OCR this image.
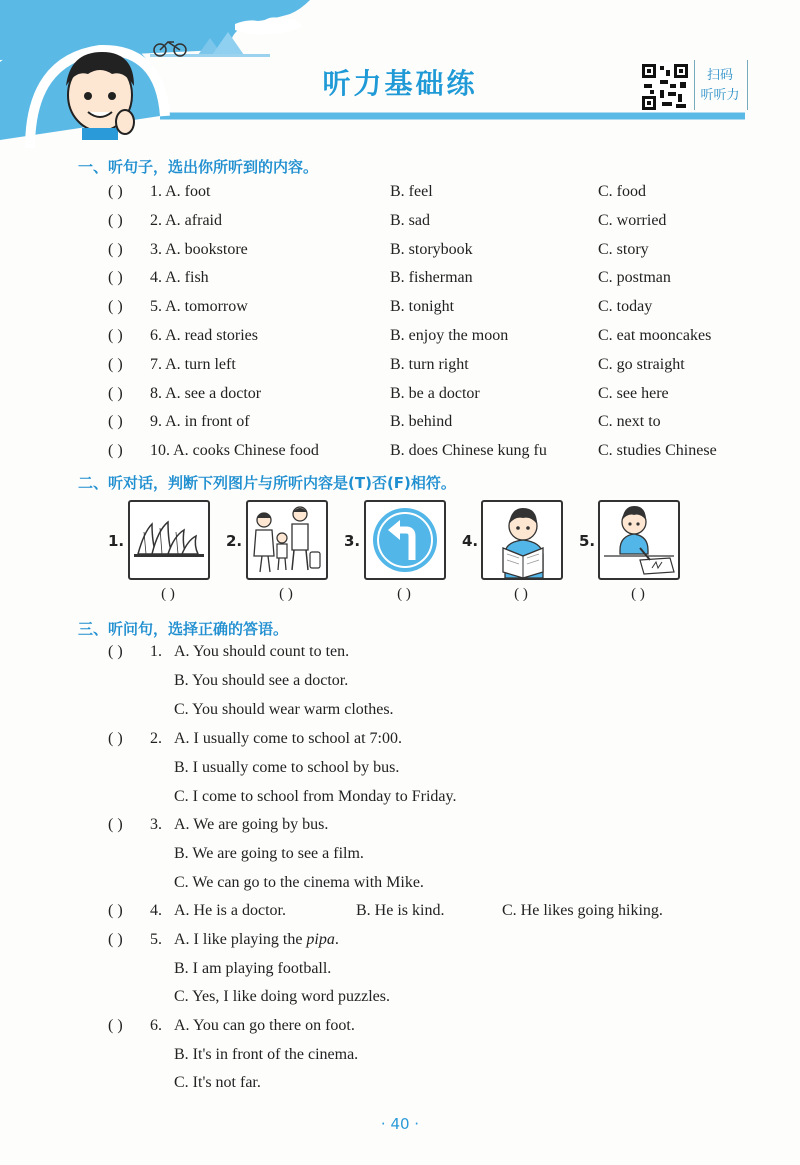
听力基础练	扫码
听听力
一、听句子，选出你所听到的内容。
( ) 1. A. foot	B. feel	C. food
( ) 2. A. afraid	B. sad	C. worried
( ) 3. A. bookstore	B. storybook	C. story
( ) 4. A. fish	B. fisherman	C. postman
( ) 5. A. tomorrow	B. tonight	C. today
( ) 6. A. read stories	B. enjoy the moon	C. eat mooncakes
( ) 7. A. turn left	B. turn right	C. go straight
( ) 8. A. see a doctor	B. be a doctor	C. see here
( ) 9. A. in front of	B. behind	C. next to
( ) 10. A. cooks Chinese food	B. does Chinese kung fu	C. studies Chinese
二、听对话，判断下列图片与所听内容是(T)否(F)相符。
1.
( )
2.
( )
3.
( )
4.
( )
5.
( )
三、听问句，选择正确的答语。
( ) 1. A. You should count to ten.
B. You should see a doctor.
C. You should wear warm clothes.
( ) 2. A. I usually come to school at 7:00.
B. I usually come to school by bus.
C. I come to school from Monday to Friday.
( ) 3. A. We are going by bus.
B. We are going to see a film.
C. We can go to the cinema with Mike.
( ) 4. A. He is a doctor.	B. He is kind.	C. He likes going hiking.
( ) 5. A. I like playing the pipa.
B. I am playing football.
C. Yes, I like doing word puzzles.
( ) 6. A. You can go there on foot.
B. It's in front of the cinema.
C. It's not far.
· 40 ·
